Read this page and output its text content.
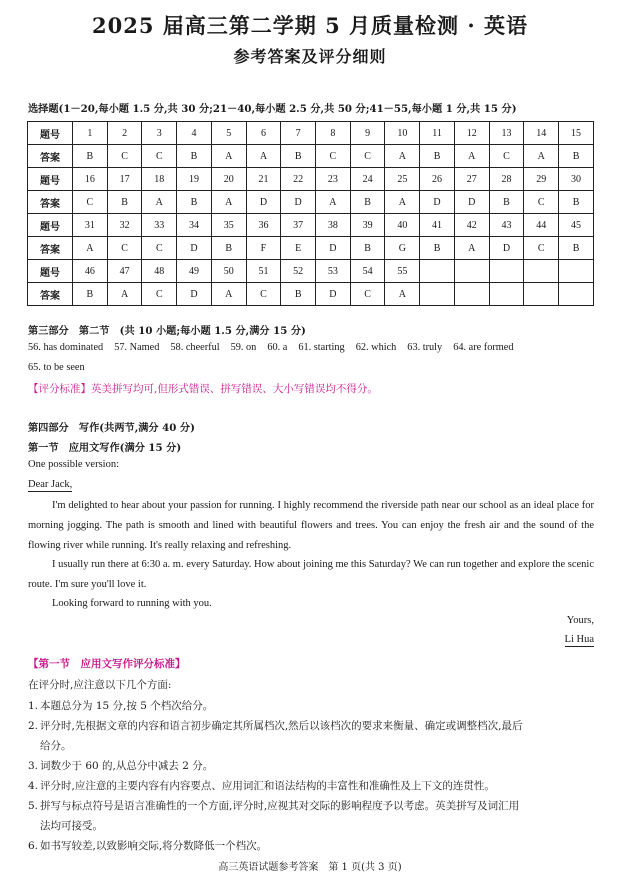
2025 届高三第二学期 5 月质量检测 · 英语
参考答案及评分细则
选择题(1－20,每小题 1.5 分,共 30 分;21－40,每小题 2.5 分,共 50 分;41－55,每小题 1 分,共 15 分)
题号	1	2	3	4	5	6	7	8	9	10	11	12	13	14	15
答案	B	C	C	B	A	A	B	C	C	A	B	A	C	A	B
题号	16	17	18	19	20	21	22	23	24	25	26	27	28	29	30
答案	C	B	A	B	A	D	D	A	B	A	D	D	B	C	B
题号	31	32	33	34	35	36	37	38	39	40	41	42	43	44	45
答案	A	C	C	D	B	F	E	D	B	G	B	A	D	C	B
题号	46	47	48	49	50	51	52	53	54	55					
答案	B	A	C	D	A	C	B	D	C	A					
第三部分　第二节　(共 10 小题;每小题 1.5 分,满分 15 分)
56. has dominated 57. Named 58. cheerful 59. on 60. a 61. starting 62. which 63. truly 64. are formed
65. to be seen
【评分标准】英美拼写均可,但形式错误、拼写错误、大小写错误均不得分。
第四部分　写作(共两节,满分 40 分)
第一节　应用文写作(满分 15 分)
One possible version:
Dear Jack,
I'm delighted to hear about your passion for running. I highly recommend the riverside path near our school as an ideal place for morning jogging. The path is smooth and lined with beautiful flowers and trees. You can enjoy the fresh air and the sound of the flowing river while running. It's really relaxing and refreshing.
I usually run there at 6:30 a. m. every Saturday. How about joining me this Saturday? We can run together and explore the scenic route. I'm sure you'll love it.
Looking forward to running with you.
Yours,
Li Hua
【第一节　应用文写作评分标准】
在评分时,应注意以下几个方面:
1. 本题总分为 15 分,按 5 个档次给分。
2. 评分时,先根据文章的内容和语言初步确定其所属档次,然后以该档次的要求来衡量、确定或调整档次,最后
给分。
3. 词数少于 60 的,从总分中减去 2 分。
4. 评分时,应注意的主要内容有内容要点、应用词汇和语法结构的丰富性和准确性及上下文的连贯性。
5. 拼写与标点符号是语言准确性的一个方面,评分时,应视其对交际的影响程度予以考虑。英美拼写及词汇用
法均可接受。
6. 如书写较差,以致影响交际,将分数降低一个档次。
高三英语试题参考答案　第 1 页(共 3 页)
